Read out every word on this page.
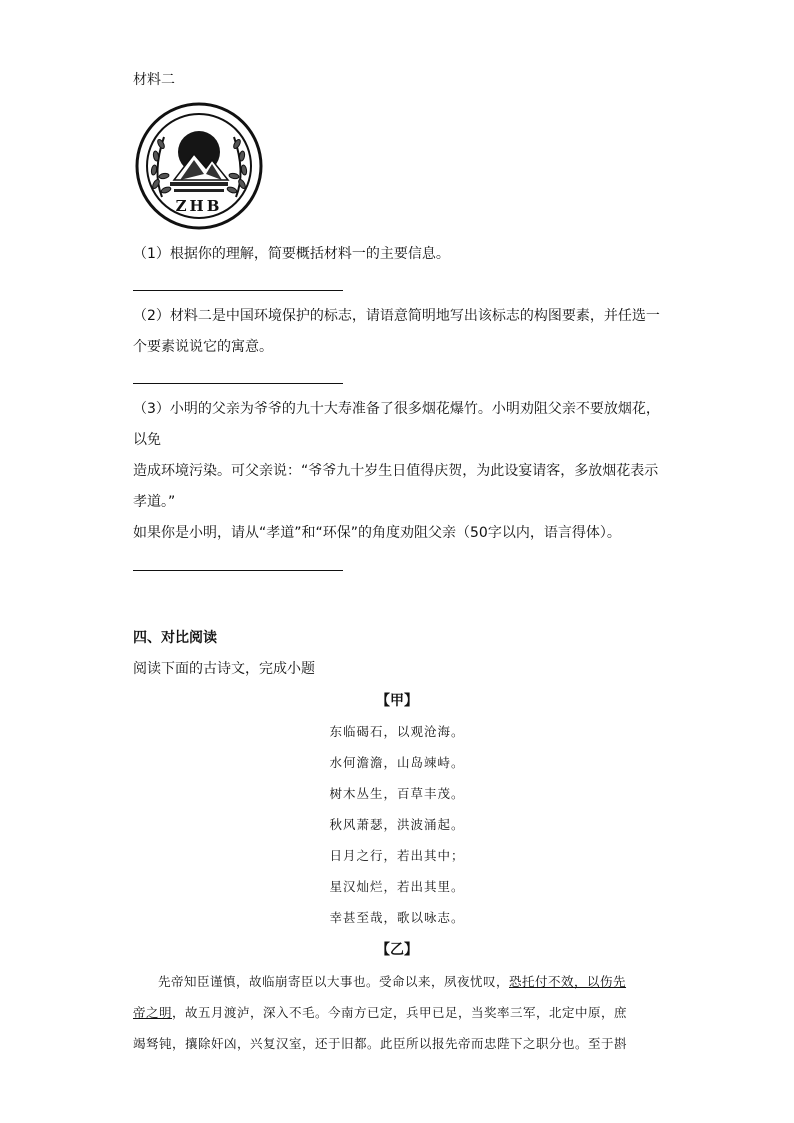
材料二
ZHB
（1）根据你的理解，简要概括材料一的主要信息。
（2）材料二是中国环境保护的标志，请语意简明地写出该标志的构图要素，并任选一
个要素说说它的寓意。
（3）小明的父亲为爷爷的九十大寿准备了很多烟花爆竹。小明劝阻父亲不要放烟花，
以免
造成环境污染。可父亲说：“爷爷九十岁生日值得庆贺，为此设宴请客，多放烟花表示
孝道。”
如果你是小明，请从“孝道”和“环保”的角度劝阻父亲（50字以内，语言得体）。
四、对比阅读
阅读下面的古诗文，完成小题
【甲】
东临碣石，以观沧海。
水何澹澹，山岛竦峙。
树木丛生，百草丰茂。
秋风萧瑟，洪波涌起。
日月之行，若出其中；
星汉灿烂，若出其里。
幸甚至哉，歌以咏志。
【乙】
先帝知臣谨慎，故临崩寄臣以大事也。受命以来，夙夜忧叹，恐托付不效，以伤先
帝之明，故五月渡泸，深入不毛。今南方已定，兵甲已足，当奖率三军，北定中原，庶
竭驽钝，攘除奸凶，兴复汉室，还于旧都。此臣所以报先帝而忠陛下之职分也。至于斟
